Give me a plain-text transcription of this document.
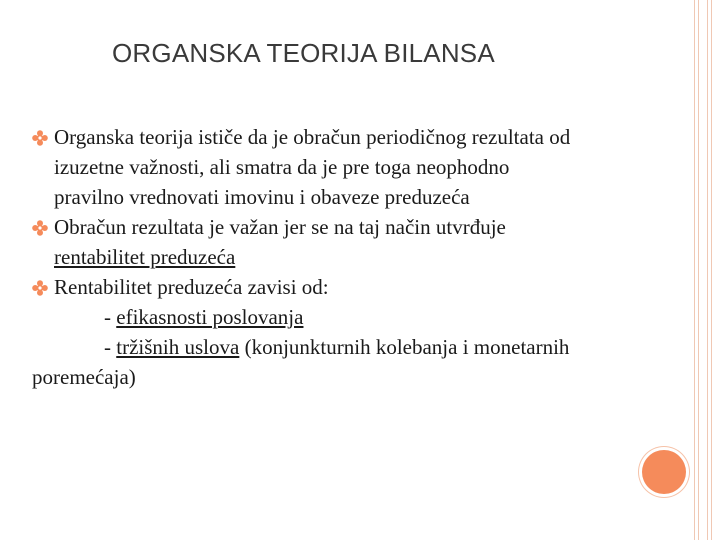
ORGANSKA TEORIJA BILANSA
Organska teorija ističe da je obračun periodičnog rezultata od
izuzetne važnosti, ali smatra da je pre toga neophodno
pravilno vrednovati imovinu i obaveze preduzeća
Obračun rezultata je važan jer se na taj način utvrđuje
rentabilitet preduzeća
Rentabilitet preduzeća zavisi od:
- efikasnosti poslovanja
- tržišnih uslova (konjunkturnih kolebanja i monetarnih
poremećaja)
